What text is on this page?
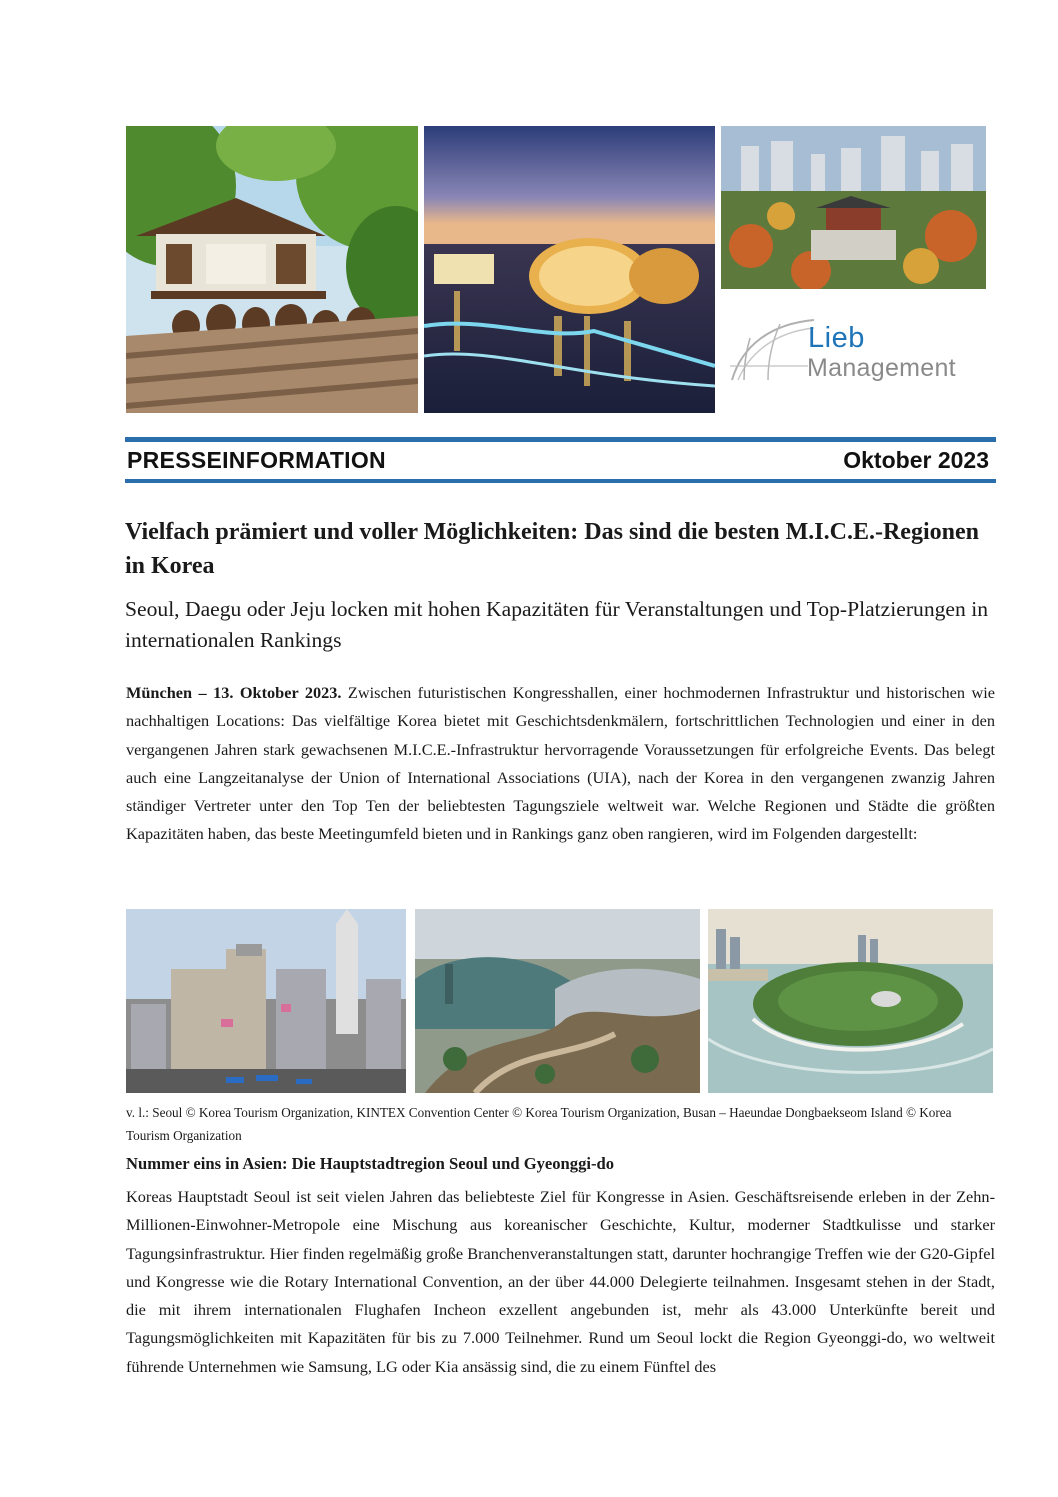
Lieb
Management
PRESSEINFORMATION	Oktober 2023
Vielfach prämiert und voller Möglichkeiten: Das sind die besten M.I.C.E.-Regionen in Korea
Seoul, Daegu oder Jeju locken mit hohen Kapazitäten für Veranstaltungen und Top-Platzierungen in internationalen Rankings
München – 13. Oktober 2023. Zwischen futuristischen Kongresshallen, einer hochmodernen Infrastruktur und historischen wie nachhaltigen Locations: Das vielfältige Korea bietet mit Geschichtsdenkmälern, fortschrittlichen Technologien und einer in den vergangenen Jahren stark gewachsenen M.I.C.E.-Infrastruktur hervorragende Voraussetzungen für erfolgreiche Events. Das belegt auch eine Langzeitanalyse der Union of International Associations (UIA), nach der Korea in den vergangenen zwanzig Jahren ständiger Vertreter unter den Top Ten der beliebtesten Tagungsziele weltweit war. Welche Regionen und Städte die größten Kapazitäten haben, das beste Meetingumfeld bieten und in Rankings ganz oben rangieren, wird im Folgenden dargestellt:
v. l.: Seoul © Korea Tourism Organization, KINTEX Convention Center © Korea Tourism Organization, Busan – Haeundae Dongbaekseom Island © Korea Tourism Organization
Nummer eins in Asien: Die Hauptstadtregion Seoul und Gyeonggi-do
Koreas Hauptstadt Seoul ist seit vielen Jahren das beliebteste Ziel für Kongresse in Asien. Geschäftsreisende erleben in der Zehn-Millionen-Einwohner-Metropole eine Mischung aus koreanischer Geschichte, Kultur, moderner Stadtkulisse und starker Tagungsinfrastruktur. Hier finden regelmäßig große Branchenveranstaltungen statt, darunter hochrangige Treffen wie der G20-Gipfel und Kongresse wie die Rotary International Convention, an der über 44.000 Delegierte teilnahmen. Insgesamt stehen in der Stadt, die mit ihrem internationalen Flughafen Incheon exzellent angebunden ist, mehr als 43.000 Unterkünfte bereit und Tagungsmöglichkeiten mit Kapazitäten für bis zu 7.000 Teilnehmer. Rund um Seoul lockt die Region Gyeonggi-do, wo weltweit führende Unternehmen wie Samsung, LG oder Kia ansässig sind, die zu einem Fünftel des
